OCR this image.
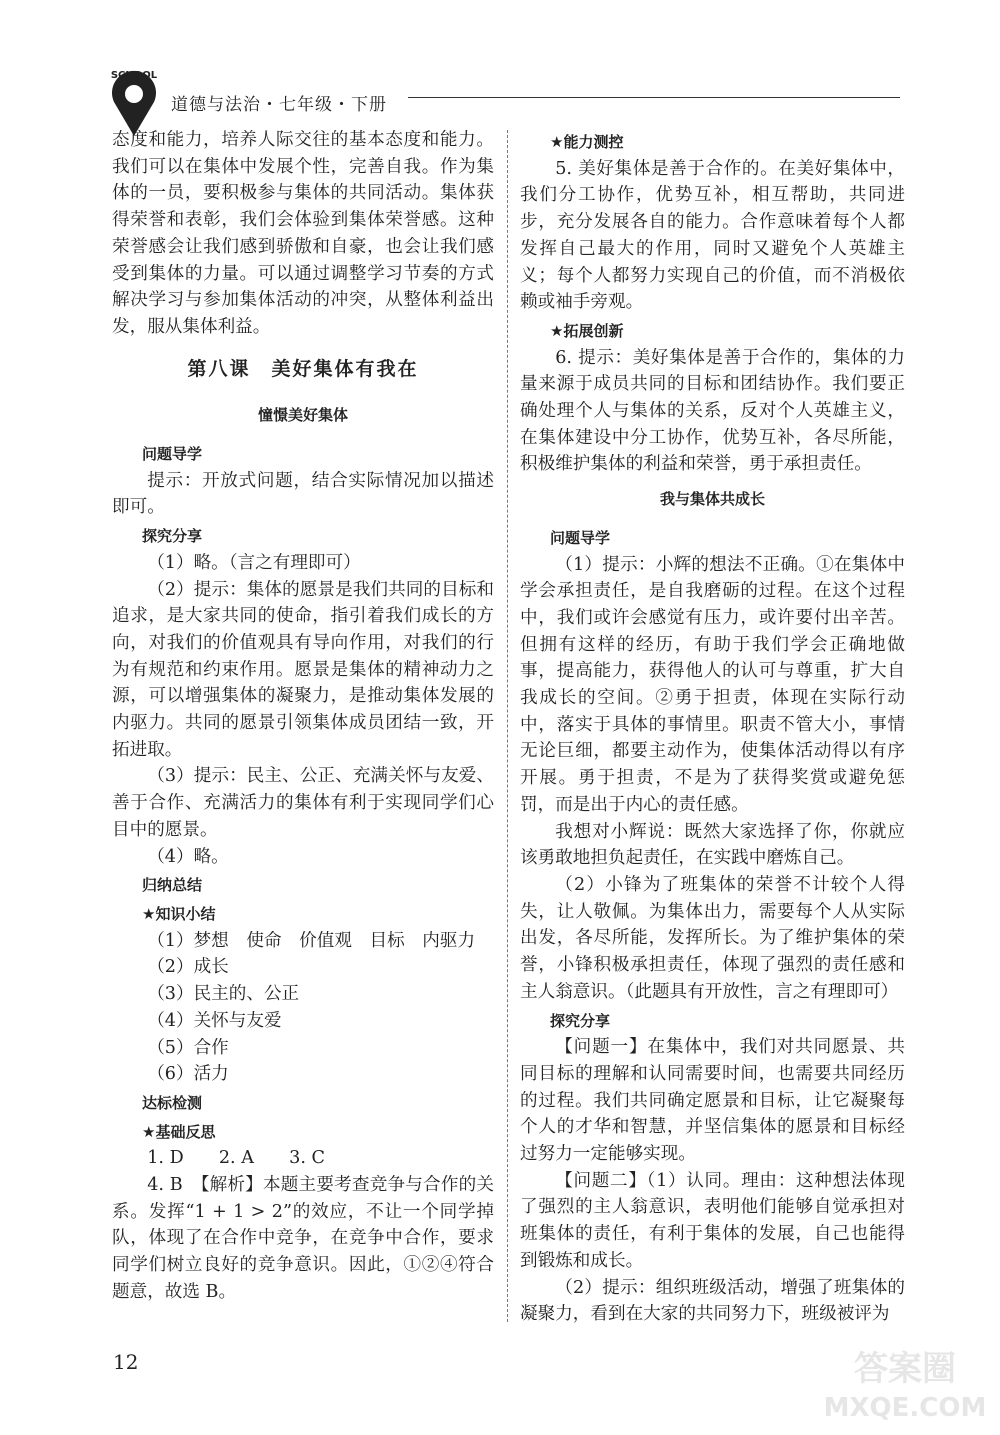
SCHOOL
道德与法治・七年级・下册

态度和能力，培养人际交往的基本态度和能力。我们可以在集体中发展个性，完善自我。作为集体的一员，要积极参与集体的共同活动。集体获得荣誉和表彰，我们会体验到集体荣誉感。这种荣誉感会让我们感到骄傲和自豪，也会让我们感受到集体的力量。可以通过调整学习节奏的方式解决学习与参加集体活动的冲突，从整体利益出发，服从集体利益。

第八课　美好集体有我在
憧憬美好集体
问题导学

提示：开放式问题，结合实际情况加以描述即可。

探究分享

（1）略。（言之有理即可）

（2）提示：集体的愿景是我们共同的目标和追求，是大家共同的使命，指引着我们成长的方向，对我们的价值观具有导向作用，对我们的行为有规范和约束作用。愿景是集体的精神动力之源，可以增强集体的凝聚力，是推动集体发展的内驱力。共同的愿景引领集体成员团结一致，开拓进取。

（3）提示：民主、公正、充满关怀与友爱、善于合作、充满活力的集体有利于实现同学们心目中的愿景。

（4）略。

归纳总结
★知识小结
（1）梦想　使命　价值观　目标　内驱力
（2）成长
（3）民主的、公正
（4）关怀与友爱
（5）合作
（6）活力
达标检测
★基础反思

1. D　　2. A　　3. C

4. B　【解析】本题主要考查竞争与合作的关系。发挥“1 + 1 > 2”的效应，不让一个同学掉队，体现了在合作中竞争，在竞争中合作，要求同学们树立良好的竞争意识。因此，①②④符合题意，故选 B。

★能力测控

5. 美好集体是善于合作的。在美好集体中，我们分工协作，优势互补，相互帮助，共同进步，充分发展各自的能力。合作意味着每个人都发挥自己最大的作用，同时又避免个人英雄主义；每个人都努力实现自己的价值，而不消极依赖或袖手旁观。

★拓展创新

6. 提示：美好集体是善于合作的，集体的力量来源于成员共同的目标和团结协作。我们要正确处理个人与集体的关系，反对个人英雄主义，在集体建设中分工协作，优势互补，各尽所能，积极维护集体的利益和荣誉，勇于承担责任。

我与集体共成长
问题导学

（1）提示：小辉的想法不正确。①在集体中学会承担责任，是自我磨砺的过程。在这个过程中，我们或许会感觉有压力，或许要付出辛苦。但拥有这样的经历，有助于我们学会正确地做事，提高能力，获得他人的认可与尊重，扩大自我成长的空间。②勇于担责，体现在实际行动中，落实于具体的事情里。职责不管大小，事情无论巨细，都要主动作为，使集体活动得以有序开展。勇于担责，不是为了获得奖赏或避免惩罚，而是出于内心的责任感。

我想对小辉说：既然大家选择了你，你就应该勇敢地担负起责任，在实践中磨炼自己。

（2）小锋为了班集体的荣誉不计较个人得失，让人敬佩。为集体出力，需要每个人从实际出发，各尽所能，发挥所长。为了维护集体的荣誉，小锋积极承担责任，体现了强烈的责任感和主人翁意识。（此题具有开放性，言之有理即可）

探究分享

【问题一】在集体中，我们对共同愿景、共同目标的理解和认同需要时间，也需要共同经历的过程。我们共同确定愿景和目标，让它凝聚每个人的才华和智慧，并坚信集体的愿景和目标经过努力一定能够实现。

【问题二】（1）认同。理由：这种想法体现了强烈的主人翁意识，表明他们能够自觉承担对班集体的责任，有利于集体的发展，自己也能得到锻炼和成长。

（2）提示：组织班级活动，增强了班集体的凝聚力，看到在大家的共同努力下，班级被评为

12	答案圈 MXQE.COM
